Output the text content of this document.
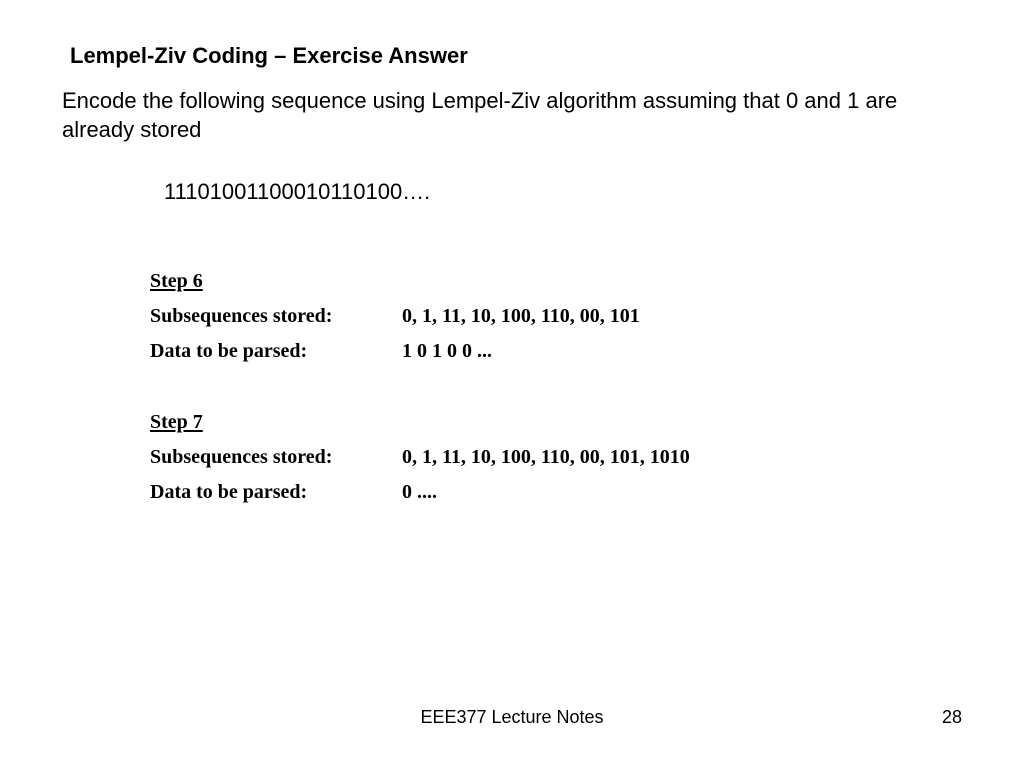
Lempel-Ziv Coding – Exercise Answer
Encode the following sequence using Lempel-Ziv algorithm assuming that 0 and 1 are already stored
11101001100010110100….
Step 6
Subsequences stored:	0, 1, 11, 10, 100, 110, 00, 101
Data to be parsed:	1 0 1 0 0 ...
Step 7
Subsequences stored:	0, 1, 11, 10, 100, 110, 00, 101, 1010
Data to be parsed:	0 ....
EEE377 Lecture Notes	28
